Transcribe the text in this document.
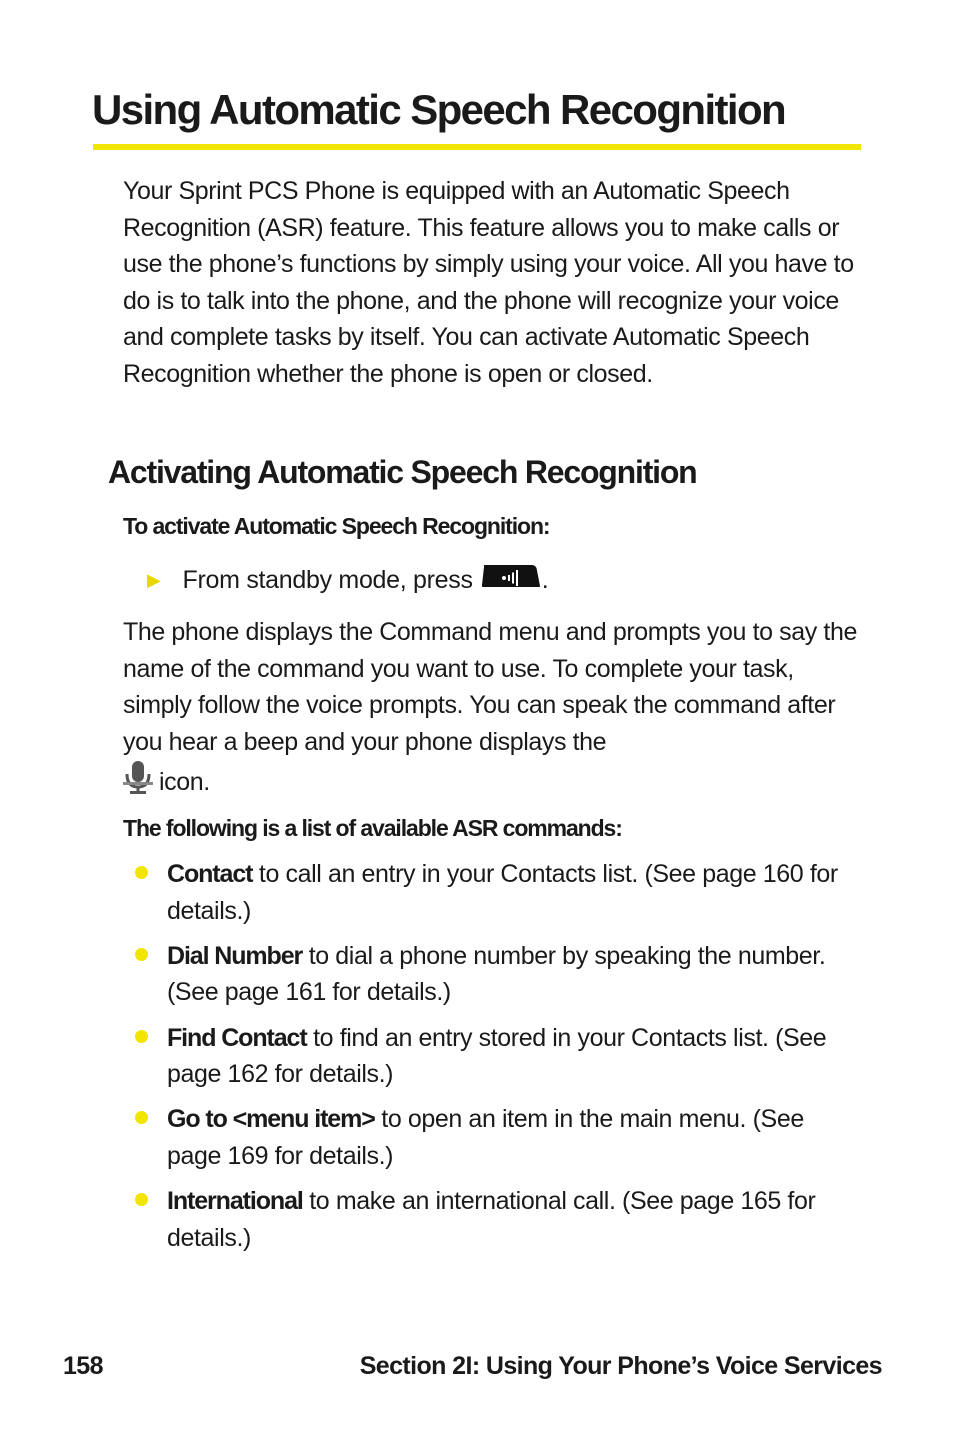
Using Automatic Speech Recognition

Your Sprint PCS Phone is equipped with an Automatic Speech Recognition (ASR) feature. This feature allows you to make calls or use the phone’s functions by simply using your voice. All you have to do is to talk into the phone, and the phone will recognize your voice and complete tasks by itself. You can activate Automatic Speech Recognition whether the phone is open or closed.

Activating Automatic Speech Recognition

To activate Automatic Speech Recognition:

▶ From standby mode, press	.

The phone displays the Command menu and prompts you to say the name of the command you want to use. To complete your task, simply follow the voice prompts. You can speak the command after you hear a beep and your phone displays the
icon.

The following is a list of available ASR commands:

Contact to call an entry in your Contacts list. (See page 160 for details.)
Dial Number to dial a phone number by speaking the number. (See page 161 for details.)
Find Contact to find an entry stored in your Contacts list. (See page 162 for details.)
Go to <menu item> to open an item in the main menu. (See page 169 for details.)
International to make an international call. (See page 165 for details.)
158	Section 2I: Using Your Phone’s Voice Services
